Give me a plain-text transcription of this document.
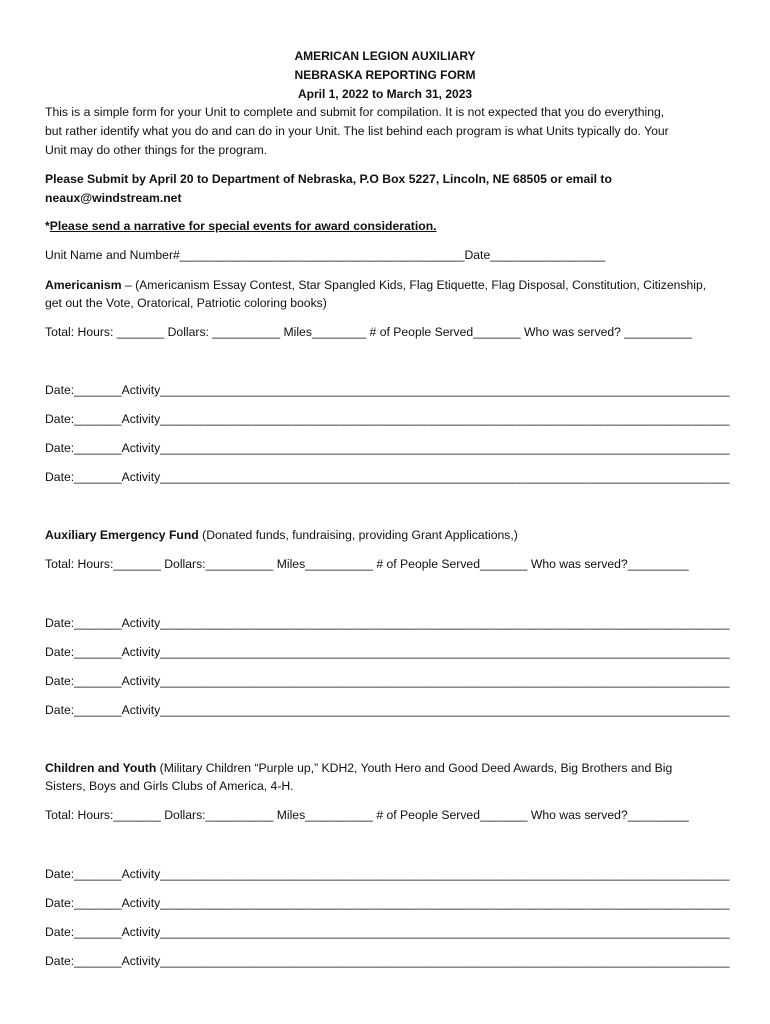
AMERICAN LEGION AUXILIARY
NEBRASKA REPORTING FORM
April 1, 2022 to March 31, 2023
This is a simple form for your Unit to complete and submit for compilation. It is not expected that you do everything,
but rather identify what you do and can do in your Unit. The list behind each program is what Units typically do. Your
Unit may do other things for the program.
Please Submit by April 20 to Department of Nebraska, P.O Box 5227, Lincoln, NE 68505 or email to
neaux@windstream.net
*Please send a narrative for special events for award consideration.
Unit Name and Number#__________________________________________Date_________________
Americanism – (Americanism Essay Contest, Star Spangled Kids, Flag Etiquette, Flag Disposal, Constitution, Citizenship,
get out the Vote, Oratorical, Patriotic coloring books)
Total: Hours: _______ Dollars: __________ Miles________ # of People Served_______ Who was served? __________
Date:_______Activity____________________________________________________________________________________
Date:_______Activity____________________________________________________________________________________
Date:_______Activity____________________________________________________________________________________
Date:_______Activity____________________________________________________________________________________
Auxiliary Emergency Fund (Donated funds, fundraising, providing Grant Applications,)
Total: Hours:_______ Dollars:__________ Miles__________ # of People Served_______ Who was served?_________
Date:_______Activity____________________________________________________________________________________
Date:_______Activity____________________________________________________________________________________
Date:_______Activity____________________________________________________________________________________
Date:_______Activity____________________________________________________________________________________
Children and Youth (Military Children “Purple up,” KDH2, Youth Hero and Good Deed Awards, Big Brothers and Big
Sisters, Boys and Girls Clubs of America, 4-H.
Total: Hours:_______ Dollars:__________ Miles__________ # of People Served_______ Who was served?_________
Date:_______Activity____________________________________________________________________________________
Date:_______Activity____________________________________________________________________________________
Date:_______Activity____________________________________________________________________________________
Date:_______Activity____________________________________________________________________________________
